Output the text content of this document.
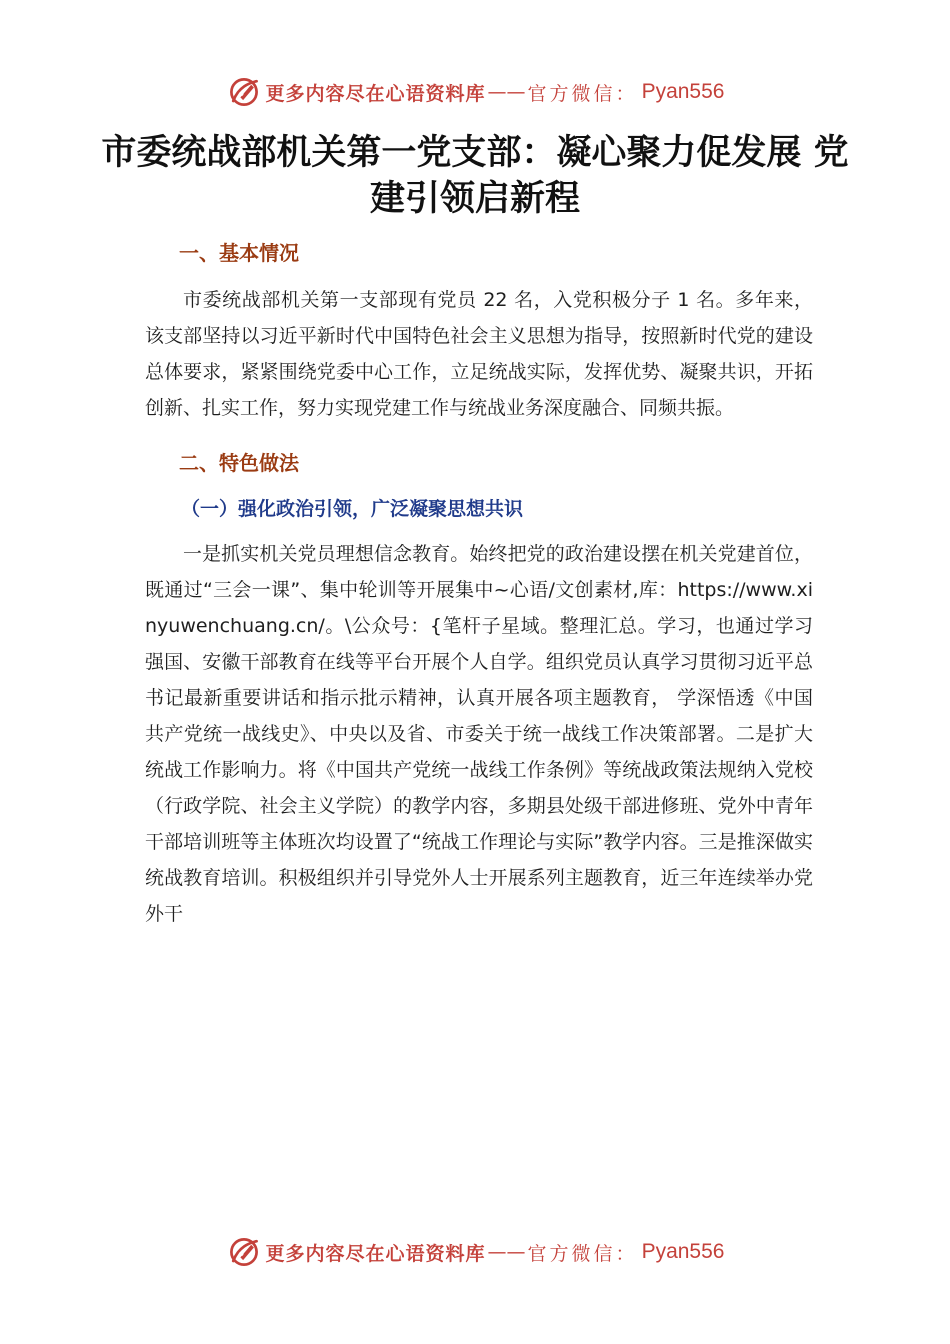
更多内容尽在心语资料库 —— 官方微信： Pyan556
市委统战部机关第一党支部：凝心聚力促发展 党建引领启新程
一、基本情况

市委统战部机关第一支部现有党员 22 名，入党积极分子 1 名。多年来，该支部坚持以习近平新时代中国特色社会主义思想为指导，按照新时代党的建设总体要求，紧紧围绕党委中心工作，立足统战实际，发挥优势、凝聚共识，开拓创新、扎实工作，努力实现党建工作与统战业务深度融合、同频共振。

二、特色做法
（一）强化政治引领，广泛凝聚思想共识

一是抓实机关党员理想信念教育。始终把党的政治建设摆在机关党建首位，既通过“三会一课”、集中轮训等开展集中~心语/文创素材,库：https://www.xinyuwenchuang.cn/。\公众号：{笔杆子星域。整理汇总。学习，也通过学习强国、安徽干部教育在线等平台开展个人自学。组织党员认真学习贯彻习近平总书记最新重要讲话和指示批示精神，认真开展各项主题教育， 学深悟透《中国共产党统一战线史》、中央以及省、市委关于统一战线工作决策部署。二是扩大统战工作影响力。将《中国共产党统一战线工作条例》等统战政策法规纳入党校（行政学院、社会主义学院）的教学内容，多期县处级干部进修班、党外中青年干部培训班等主体班次均设置了“统战工作理论与实际”教学内容。三是推深做实统战教育培训。积极组织并引导党外人士开展系列主题教育，近三年连续举办党外干

更多内容尽在心语资料库 —— 官方微信： Pyan556
